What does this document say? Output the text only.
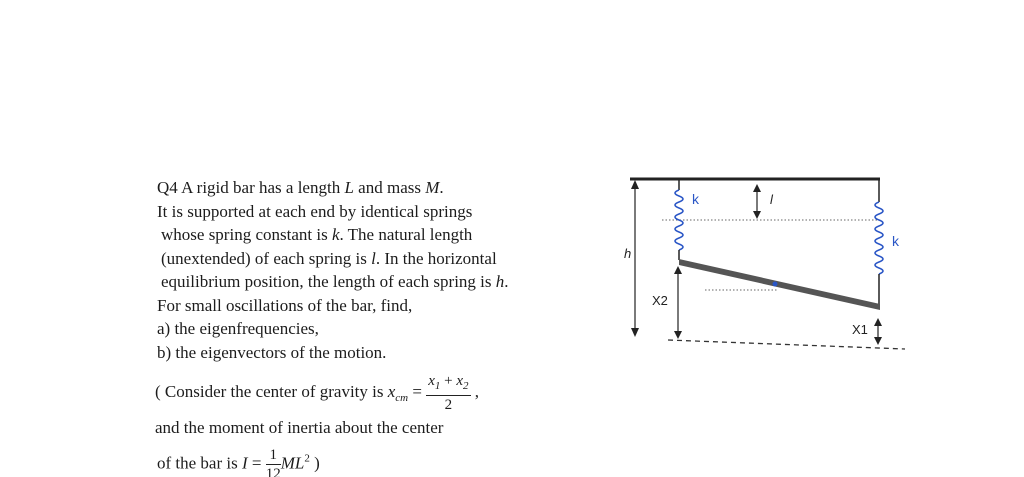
Q4 A rigid bar has a length L and mass M.
It is supported at each end by identical springs
whose spring constant is k. The natural length
(unextended) of each spring is l. In the horizontal
equilibrium position, the length of each spring is h.
For small oscillations of the bar, find,
a) the eigenfrequencies,
b) the eigenvectors of the motion.
( Consider the center of gravity is $x_{cm} = \frac{x_1 + x_2}{2}$ ,
and the moment of inertia about the center
of the bar is $I = \frac{1}{12} ML^2$ )
h
l
k
k
X2
X1
